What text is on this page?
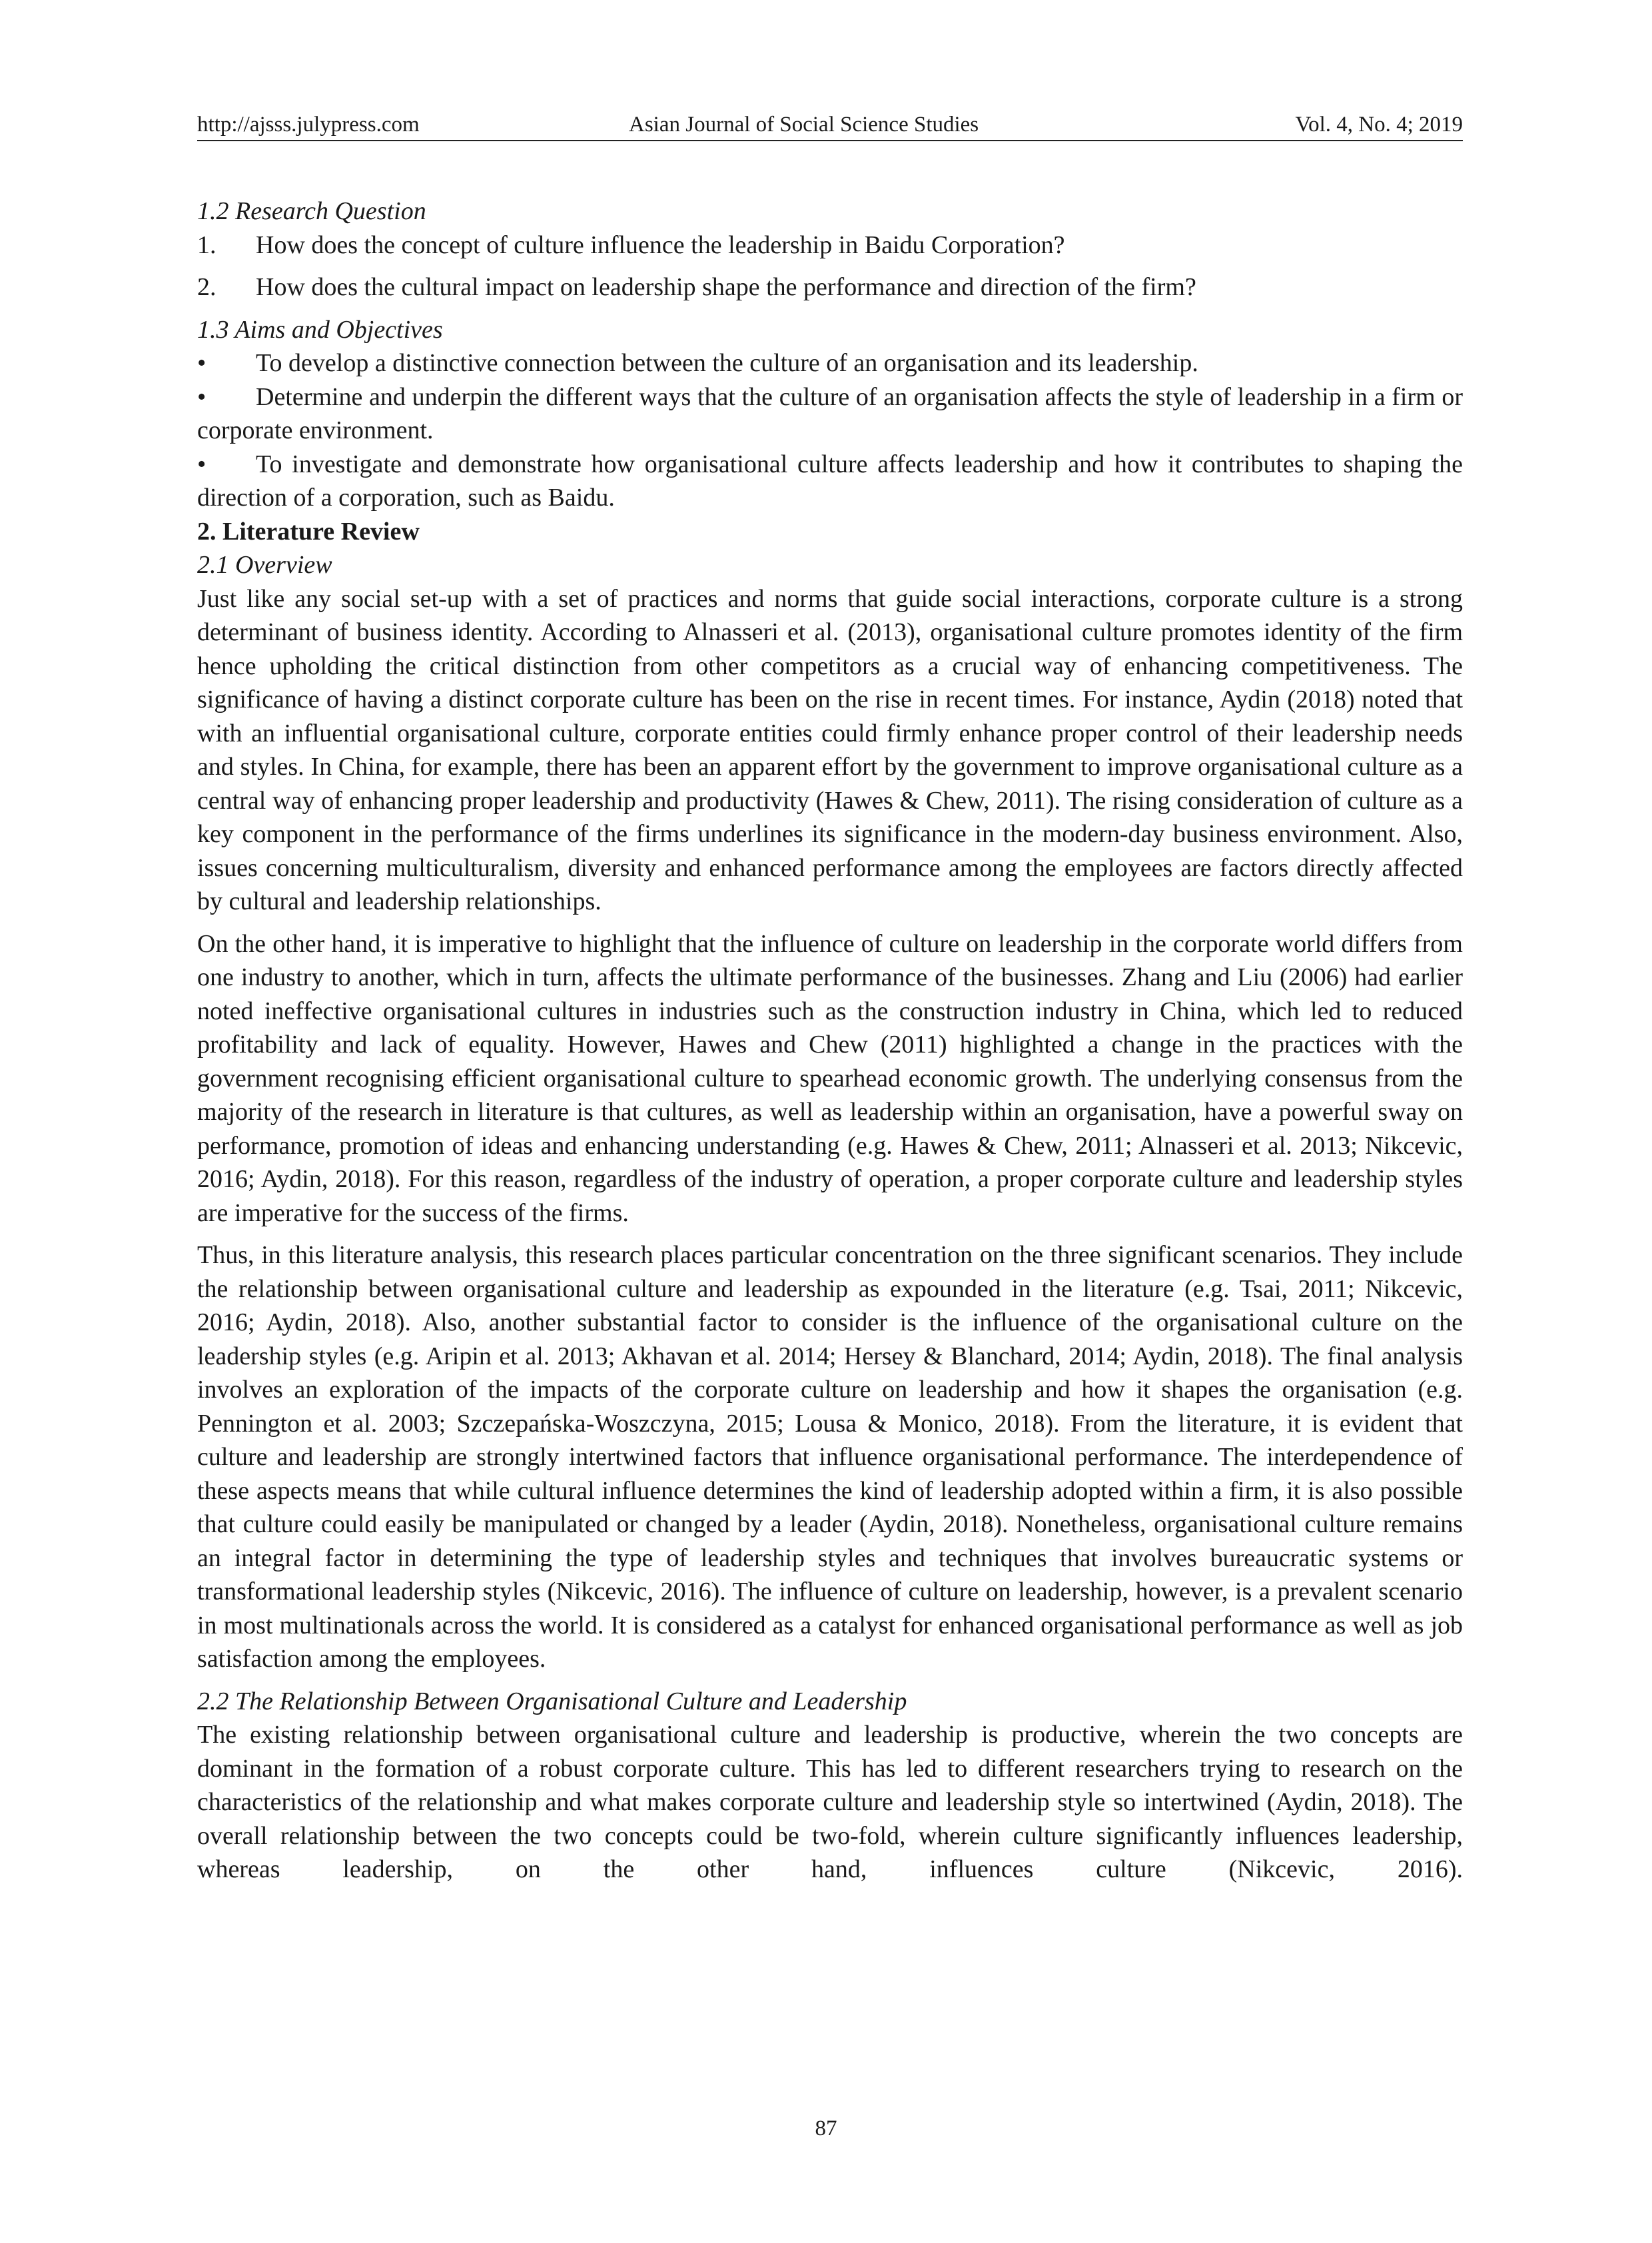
http://ajsss.julypress.com	Asian Journal of Social Science Studies	Vol. 4, No. 4; 2019

1.2 Research Question

1. How does the concept of culture influence the leadership in Baidu Corporation?
2. How does the cultural impact on leadership shape the performance and direction of the firm?

1.3 Aims and Objectives

• To develop a distinctive connection between the culture of an organisation and its leadership.

• Determine and underpin the different ways that the culture of an organisation affects the style of leadership in a firm or corporate environment.

• To investigate and demonstrate how organisational culture affects leadership and how it contributes to shaping the direction of a corporation, such as Baidu.

2. Literature Review

2.1 Overview

Just like any social set-up with a set of practices and norms that guide social interactions, corporate culture is a strong determinant of business identity. According to Alnasseri et al. (2013), organisational culture promotes identity of the firm hence upholding the critical distinction from other competitors as a crucial way of enhancing competitiveness. The significance of having a distinct corporate culture has been on the rise in recent times. For instance, Aydin (2018) noted that with an influential organisational culture, corporate entities could firmly enhance proper control of their leadership needs and styles. In China, for example, there has been an apparent effort by the government to improve organisational culture as a central way of enhancing proper leadership and productivity (Hawes & Chew, 2011). The rising consideration of culture as a key component in the performance of the firms underlines its significance in the modern-day business environment. Also, issues concerning multiculturalism, diversity and enhanced performance among the employees are factors directly affected by cultural and leadership relationships.

On the other hand, it is imperative to highlight that the influence of culture on leadership in the corporate world differs from one industry to another, which in turn, affects the ultimate performance of the businesses. Zhang and Liu (2006) had earlier noted ineffective organisational cultures in industries such as the construction industry in China, which led to reduced profitability and lack of equality. However, Hawes and Chew (2011) highlighted a change in the practices with the government recognising efficient organisational culture to spearhead economic growth. The underlying consensus from the majority of the research in literature is that cultures, as well as leadership within an organisation, have a powerful sway on performance, promotion of ideas and enhancing understanding (e.g. Hawes & Chew, 2011; Alnasseri et al. 2013; Nikcevic, 2016; Aydin, 2018). For this reason, regardless of the industry of operation, a proper corporate culture and leadership styles are imperative for the success of the firms.

Thus, in this literature analysis, this research places particular concentration on the three significant scenarios. They include the relationship between organisational culture and leadership as expounded in the literature (e.g. Tsai, 2011; Nikcevic, 2016; Aydin, 2018). Also, another substantial factor to consider is the influence of the organisational culture on the leadership styles (e.g. Aripin et al. 2013; Akhavan et al. 2014; Hersey & Blanchard, 2014; Aydin, 2018). The final analysis involves an exploration of the impacts of the corporate culture on leadership and how it shapes the organisation (e.g. Pennington et al. 2003; Szczepańska-Woszczyna, 2015; Lousa & Monico, 2018). From the literature, it is evident that culture and leadership are strongly intertwined factors that influence organisational performance. The interdependence of these aspects means that while cultural influence determines the kind of leadership adopted within a firm, it is also possible that culture could easily be manipulated or changed by a leader (Aydin, 2018). Nonetheless, organisational culture remains an integral factor in determining the type of leadership styles and techniques that involves bureaucratic systems or transformational leadership styles (Nikcevic, 2016). The influence of culture on leadership, however, is a prevalent scenario in most multinationals across the world. It is considered as a catalyst for enhanced organisational performance as well as job satisfaction among the employees.

2.2 The Relationship Between Organisational Culture and Leadership

The existing relationship between organisational culture and leadership is productive, wherein the two concepts are dominant in the formation of a robust corporate culture. This has led to different researchers trying to research on the characteristics of the relationship and what makes corporate culture and leadership style so intertwined (Aydin, 2018). The overall relationship between the two concepts could be two-fold, wherein culture significantly influences leadership, whereas leadership, on the other hand, influences culture (Nikcevic, 2016).

87
